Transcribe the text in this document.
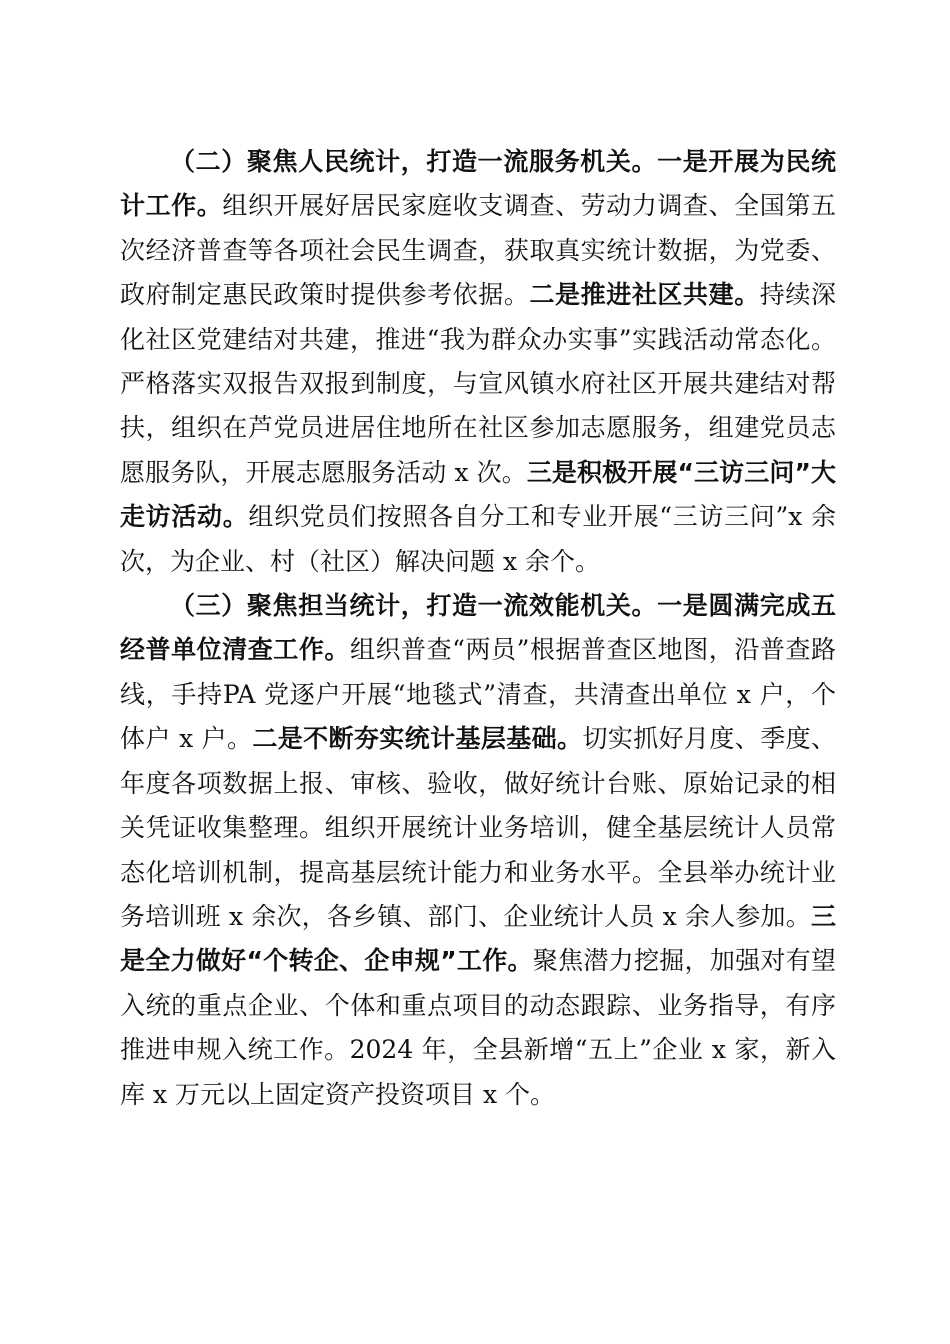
（二）聚焦人民统计，打造一流服务机关。一是开展为民统计工作。组织开展好居民家庭收支调查、劳动力调查、全国第五次经济普查等各项社会民生调查，获取真实统计数据，为党委、政府制定惠民政策时提供参考依据。二是推进社区共建。持续深化社区党建结对共建，推进“我为群众办实事”实践活动常态化。严格落实双报告双报到制度，与宣风镇水府社区开展共建结对帮扶，组织在芦党员进居住地所在社区参加志愿服务，组建党员志愿服务队，开展志愿服务活动 x 次。三是积极开展“三访三问”大走访活动。组织党员们按照各自分工和专业开展“三访三问”x 余次，为企业、村（社区）解决问题 x 余个。

（三）聚焦担当统计，打造一流效能机关。一是圆满完成五经普单位清查工作。组织普查“两员”根据普查区地图，沿普查路线，手持PA 党逐户开展“地毯式”清查，共清查出单位 x 户，个体户 x 户。二是不断夯实统计基层基础。切实抓好月度、季度、年度各项数据上报、审核、验收，做好统计台账、原始记录的相关凭证收集整理。组织开展统计业务培训，健全基层统计人员常态化培训机制，提高基层统计能力和业务水平。全县举办统计业务培训班 x 余次，各乡镇、部门、企业统计人员 x 余人参加。三是全力做好“个转企、企申规”工作。聚焦潜力挖掘，加强对有望入统的重点企业、个体和重点项目的动态跟踪、业务指导，有序推进申规入统工作。2024 年，全县新增“五上”企业 x 家，新入库 x 万元以上固定资产投资项目 x 个。
